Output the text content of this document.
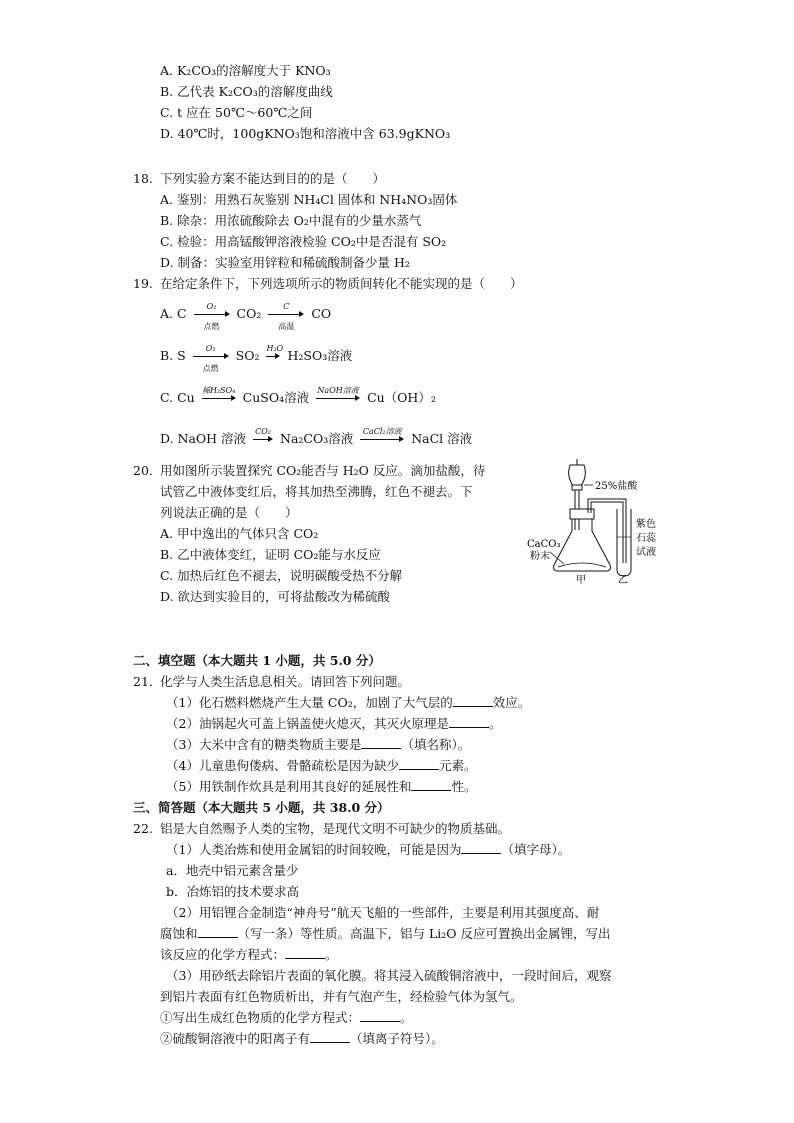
A. K₂CO₃的溶解度大于 KNO₃
B. 乙代表 K₂CO₃的溶解度曲线
C. t 应在 50℃～60℃之间
D. 40℃时，100gKNO₃饱和溶液中含 63.9gKNO₃
18. 下列实验方案不能达到目的的是（　　）
A. 鉴别：用熟石灰鉴别 NH₄Cl 固体和 NH₄NO₃固体
B. 除杂：用浓硫酸除去 O₂中混有的少量水蒸气
C. 检验：用高锰酸钾溶液检验 CO₂中是否混有 SO₂
D. 制备：实验室用锌粒和稀硫酸制备少量 H₂
19. 在给定条件下，下列选项所示的物质间转化不能实现的是（　　）
A. C	O₂
点燃
CO₂	C
高温
CO
B. S	O₂
点燃
SO₂ H₂O H₂SO₃溶液
C. Cu 稀H₂SO₄ CuSO₄溶液 NaOH溶液 Cu（OH）₂
D. NaOH 溶液 CO₂ Na₂CO₃溶液	CaCl₂溶液 NaCl 溶液
20. 用如图所示装置探究 CO₂能否与 H₂O 反应。滴加盐酸，待
试管乙中液体变红后，将其加热至沸腾，红色不褪去。下
列说法正确的是（　　）
A. 甲中逸出的气体只含 CO₂
B. 乙中液体变红，证明 CO₂能与水反应
C. 加热后红色不褪去，说明碳酸受热不分解
D. 欲达到实验目的，可将盐酸改为稀硫酸
25%盐酸
CaCO₃
粉末
甲	乙
紫色
石蕊
试液
二、填空题（本大题共 1 小题，共 5.0 分）
21. 化学与人类生活息息相关。请回答下列问题。
（1）化石燃料燃烧产生大量 CO₂，加剧了大气层的	效应。
（2）油锅起火可盖上锅盖使火熄灭，其灭火原理是	。
（3）大米中含有的糖类物质主要是	（填名称）。
（4）儿童患佝偻病、骨骼疏松是因为缺少	元素。
（5）用铁制作炊具是利用其良好的延展性和	性。
三、简答题（本大题共 5 小题，共 38.0 分）
22. 铝是大自然赐予人类的宝物，是现代文明不可缺少的物质基础。
（1）人类冶炼和使用金属铝的时间较晚，可能是因为	（填字母）。
a．地壳中铝元素含量少
b．冶炼铝的技术要求高
（2）用铝锂合金制造“神舟号”航天飞船的一些部件，主要是利用其强度高、耐
腐蚀和	（写一条）等性质。高温下，铝与 Li₂O 反应可置换出金属锂，写出
该反应的化学方程式：	。
（3）用砂纸去除铝片表面的氧化膜。将其浸入硫酸铜溶液中，一段时间后，观察
到铝片表面有红色物质析出，并有气泡产生，经检验气体为氢气。
①写出生成红色物质的化学方程式：	。
②硫酸铜溶液中的阳离子有	（填离子符号）。
